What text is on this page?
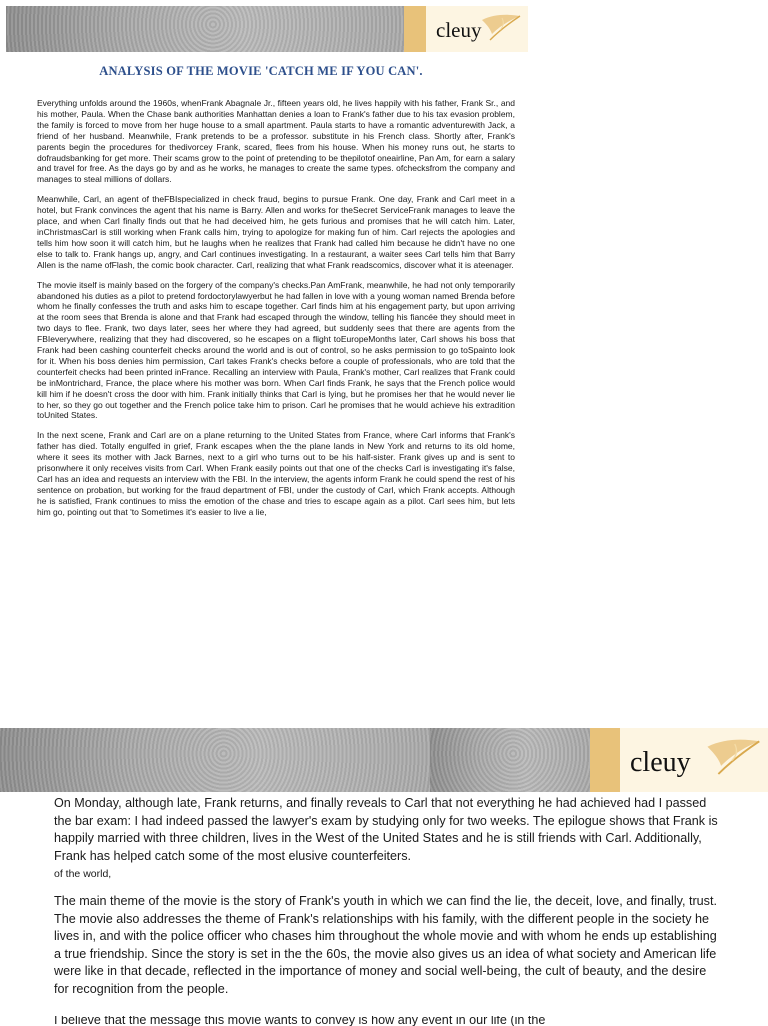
cleuy
ANALYSIS OF THE MOVIE 'CATCH ME IF YOU CAN'.

Everything unfolds around the 1960s, whenFrank Abagnale Jr., fifteen years old, he lives happily with his father, Frank Sr., and his mother, Paula. When the Chase bank authorities Manhattan denies a loan to Frank's father due to his tax evasion problem, the family is forced to move from her huge house to a small apartment. Paula starts to have a romantic adventurewith Jack, a friend of her husband. Meanwhile, Frank pretends to be a professor. substitute in his French class. Shortly after, Frank's parents begin the procedures for thedivorcey Frank, scared, flees from his house. When his money runs out, he starts to dofraudsbanking for get more. Their scams grow to the point of pretending to be thepilotof oneairline, Pan Am, for earn a salary and travel for free. As the days go by and as he works, he manages to create the same types. ofchecksfrom the company and manages to steal millions of dollars.

Meanwhile, Carl, an agent of theFBIspecialized in check fraud, begins to pursue Frank. One day, Frank and Carl meet in a hotel, but Frank convinces the agent that his name is Barry. Allen and works for theSecret ServiceFrank manages to leave the place, and when Carl finally finds out that he had deceived him, he gets furious and promises that he will catch him. Later, inChristmasCarl is still working when Frank calls him, trying to apologize for making fun of him. Carl rejects the apologies and tells him how soon it will catch him, but he laughs when he realizes that Frank had called him because he didn't have no one else to talk to. Frank hangs up, angry, and Carl continues investigating. In a restaurant, a waiter sees Carl tells him that Barry Allen is the name ofFlash, the comic book character. Carl, realizing that what Frank readscomics, discover what it is ateenager.

The movie itself is mainly based on the forgery of the company's checks.Pan AmFrank, meanwhile, he had not only temporarily abandoned his duties as a pilot to pretend fordoctorylawyerbut he had fallen in love with a young woman named Brenda before whom he finally confesses the truth and asks him to escape together. Carl finds him at his engagement party, but upon arriving at the room sees that Brenda is alone and that Frank had escaped through the window, telling his fiancée they should meet in two days to flee. Frank, two days later, sees her where they had agreed, but suddenly sees that there are agents from the FBIeverywhere, realizing that they had discovered, so he escapes on a flight toEuropeMonths later, Carl shows his boss that Frank had been cashing counterfeit checks around the world and is out of control, so he asks permission to go toSpainto look for it. When his boss denies him permission, Carl takes Frank's checks before a couple of professionals, who are told that the counterfeit checks had been printed inFrance. Recalling an interview with Paula, Frank's mother, Carl realizes that Frank could be inMontrichard, France, the place where his mother was born. When Carl finds Frank, he says that the French police would kill him if he doesn't cross the door with him. Frank initially thinks that Carl is lying, but he promises her that he would never lie to her, so they go out together and the French police take him to prison. Carl he promises that he would achieve his extradition toUnited States.

In the next scene, Frank and Carl are on a plane returning to the United States from France, where Carl informs that Frank's father has died. Totally engulfed in grief, Frank escapes when the the plane lands in New York and returns to its old home, where it sees its mother with Jack Barnes, next to a girl who turns out to be his half-sister. Frank gives up and is sent to prisonwhere it only receives visits from Carl. When Frank easily points out that one of the checks Carl is investigating it's false, Carl has an idea and requests an interview with the FBI. In the interview, the agents inform Frank he could spend the rest of his sentence on probation, but working for the fraud department of FBI, under the custody of Carl, which Frank accepts. Although he is satisfied, Frank continues to miss the emotion of the chase and tries to escape again as a pilot. Carl sees him, but lets him go, pointing out that 'to Sometimes it's easier to live a lie,

cleuy

On Monday, although late, Frank returns, and finally reveals to Carl that not everything he had achieved had I passed the bar exam: I had indeed passed the lawyer's exam by studying only for two weeks. The epilogue shows that Frank is happily married with three children, lives in the West of the United States and he is still friends with Carl. Additionally, Frank has helped catch some of the most elusive counterfeiters.
of the world,

The main theme of the movie is the story of Frank's youth in which we can find the lie, the deceit, love, and finally, trust. The movie also addresses the theme of Frank's relationships with his family, with the different people in the society he lives in, and with the police officer who chases him throughout the whole movie and with whom he ends up establishing a true friendship. Since the story is set in the the 60s, the movie also gives us an idea of what society and American life were like in that decade, reflected in the importance of money and social well-being, the cult of beauty, and the desire for recognition from the people.

I believe that the message this movie wants to convey is how any event in our life (in the
